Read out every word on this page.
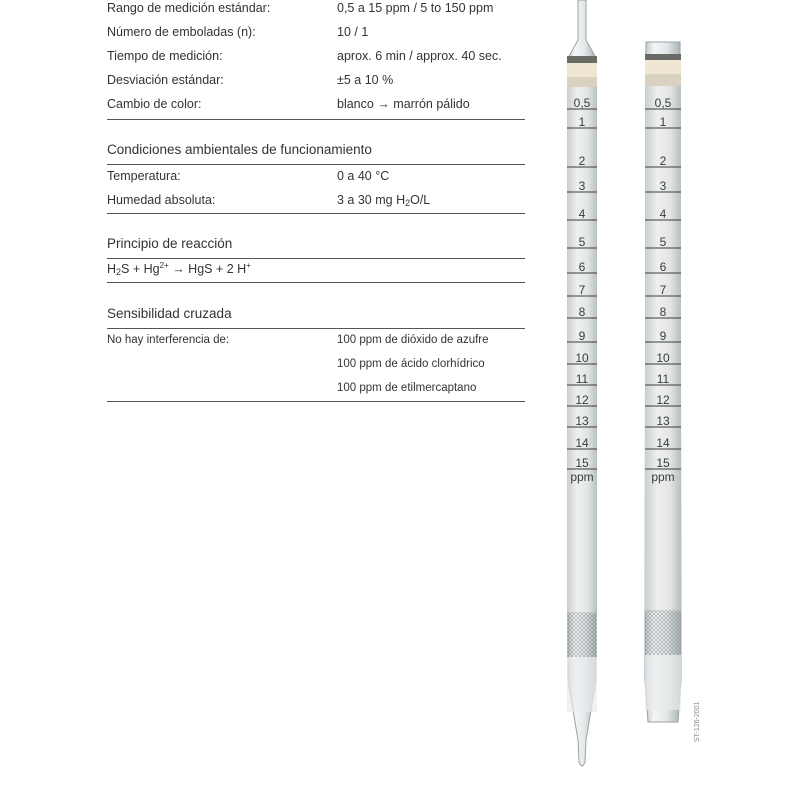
Rango de medición estándar:	0,5 a 15 ppm / 5 to 150 ppm
Número de emboladas (n):	10 / 1
Tiempo de medición:	aprox. 6 min / approx. 40 sec.
Desviación estándar:	±5 a 10 %
Cambio de color:	blanco → marrón pálido
Condiciones ambientales de funcionamiento
Temperatura:	0 a 40 °C
Humedad absoluta:	3 a 30 mg $H_2O/L$
Principio de reacción
$H_2S + Hg^{2+}$ → HgS + 2 H+
Sensibilidad cruzada
No hay interferencia de:	100 ppm de dióxido de azufre
100 ppm de ácido clorhídrico
100 ppm de etilmercaptano
0,5
1
2
3
4
5
6
7
8
9
10
11
12
13
14
15
ppm
0,5
1
2
3
4
5
6
7
8
9
10
11
12
13
14
15
ppm
ST-126-2001
